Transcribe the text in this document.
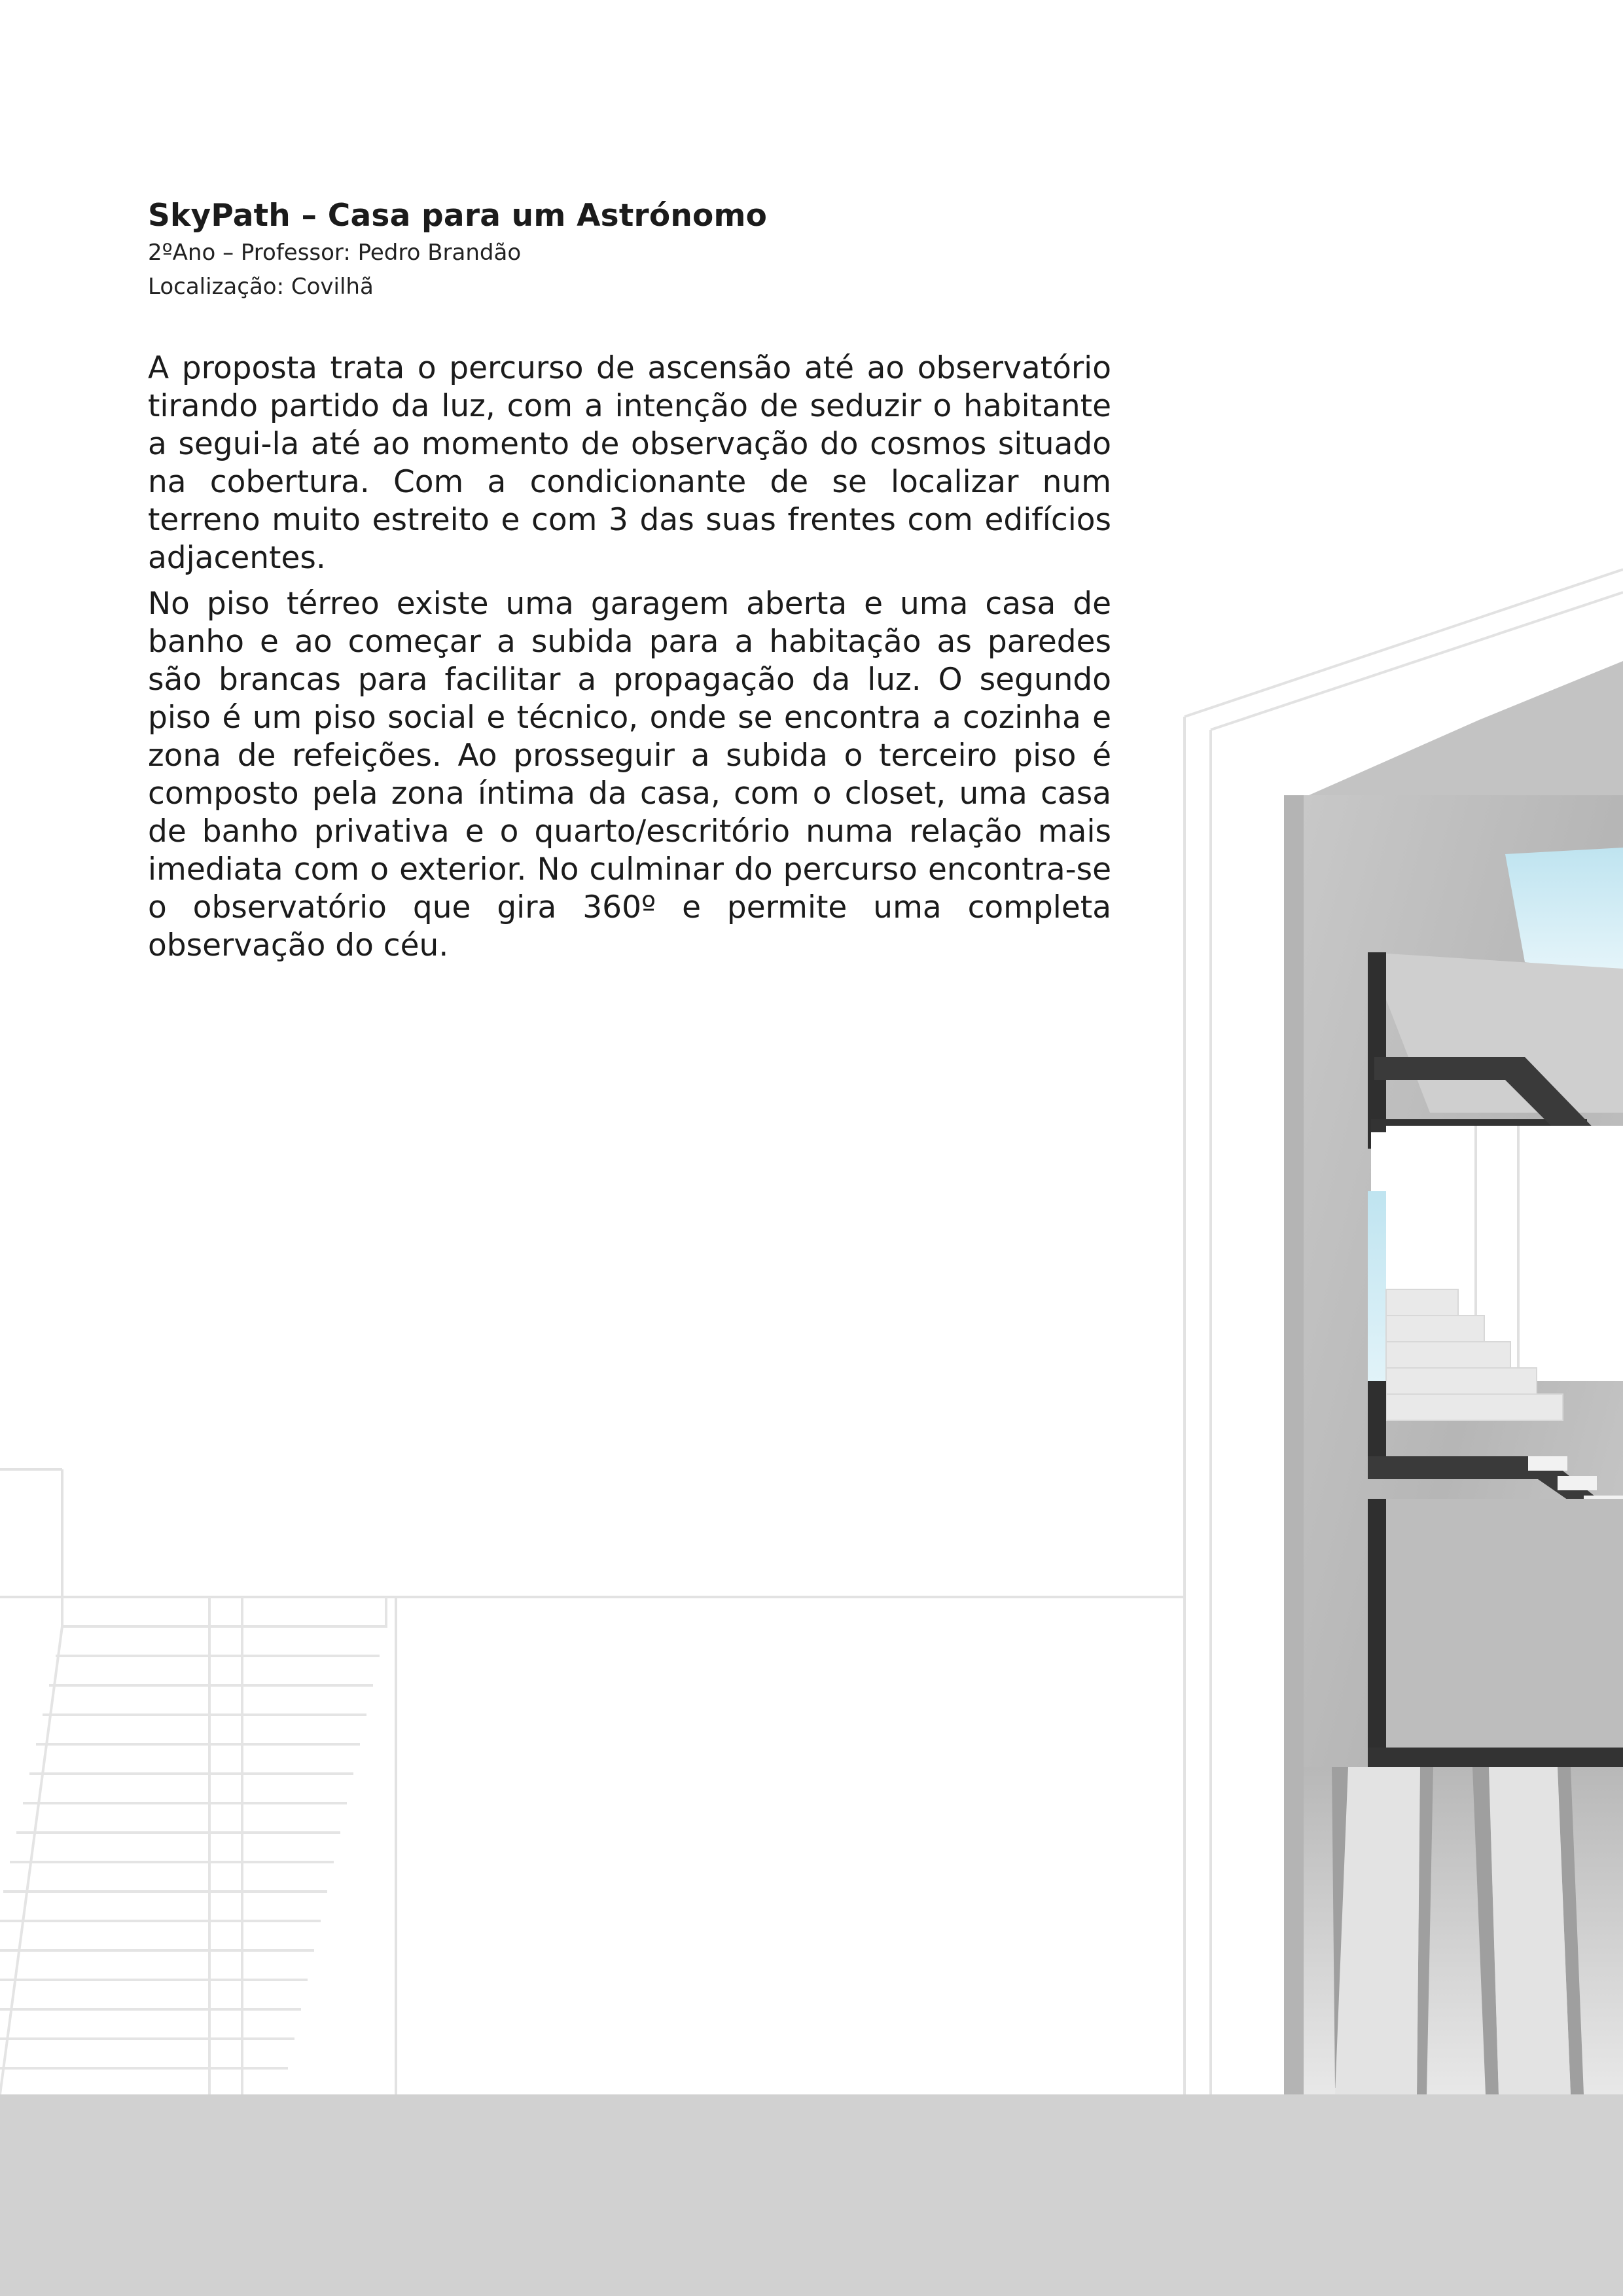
SkyPath – Casa para um Astrónomo

2ºAno – Professor: Pedro Brandão

Localização: Covilhã

A proposta trata o percurso de ascensão até ao observatório tirando partido da luz, com a intenção de seduzir o habitante a segui-la até ao momento de observação do cosmos situado na cobertura. Com a condicionante de se localizar num terreno muito estreito e com 3 das suas frentes com edifícios adjacentes.

No piso térreo existe uma garagem aberta e uma casa de banho e ao começar a subida para a habitação as paredes são brancas para facilitar a propagação da luz. O segundo piso é um piso social e técnico, onde se encontra a cozinha e zona de refeições. Ao prosseguir a subida o terceiro piso é composto pela zona íntima da casa, com o closet, uma casa de banho privativa e o quarto/escritório numa relação mais imediata com o exterior. No culminar do percurso encontra-se o observatório que gira 360º e permite uma completa observação do céu.
